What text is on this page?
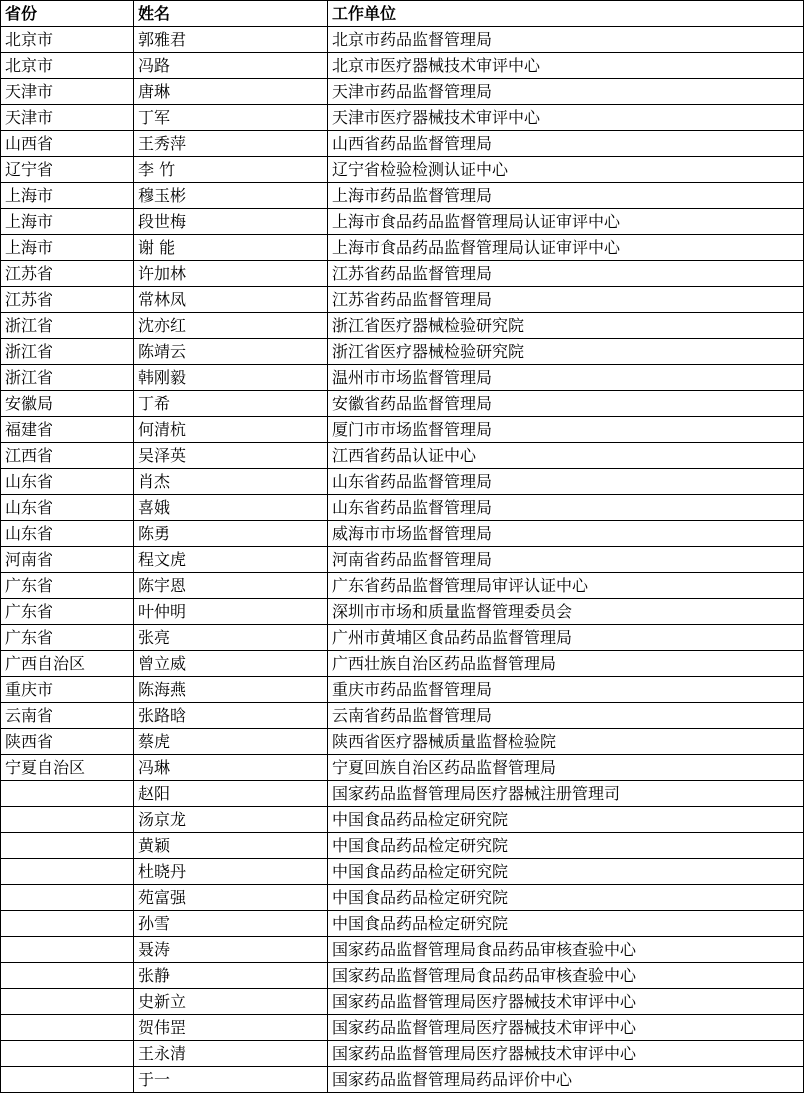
省份	姓名	工作单位
北京市	郭雅君	北京市药品监督管理局
北京市	冯路	北京市医疗器械技术审评中心
天津市	唐琳	天津市药品监督管理局
天津市	丁军	天津市医疗器械技术审评中心
山西省	王秀萍	山西省药品监督管理局
辽宁省	李 竹	辽宁省检验检测认证中心
上海市	穆玉彬	上海市药品监督管理局
上海市	段世梅	上海市食品药品监督管理局认证审评中心
上海市	谢 能	上海市食品药品监督管理局认证审评中心
江苏省	许加林	江苏省药品监督管理局
江苏省	常林凤	江苏省药品监督管理局
浙江省	沈亦红	浙江省医疗器械检验研究院
浙江省	陈靖云	浙江省医疗器械检验研究院
浙江省	韩刚毅	温州市市场监督管理局
安徽局	丁希	安徽省药品监督管理局
福建省	何清杭	厦门市市场监督管理局
江西省	吴泽英	江西省药品认证中心
山东省	肖杰	山东省药品监督管理局
山东省	喜娥	山东省药品监督管理局
山东省	陈勇	威海市市场监督管理局
河南省	程文虎	河南省药品监督管理局
广东省	陈宇恩	广东省药品监督管理局审评认证中心
广东省	叶仲明	深圳市市场和质量监督管理委员会
广东省	张亮	广州市黄埔区食品药品监督管理局
广西自治区	曾立威	广西壮族自治区药品监督管理局
重庆市	陈海燕	重庆市药品监督管理局
云南省	张路晗	云南省药品监督管理局
陕西省	蔡虎	陕西省医疗器械质量监督检验院
宁夏自治区	冯琳	宁夏回族自治区药品监督管理局
	赵阳	国家药品监督管理局医疗器械注册管理司
	汤京龙	中国食品药品检定研究院
	黄颖	中国食品药品检定研究院
	杜晓丹	中国食品药品检定研究院
	苑富强	中国食品药品检定研究院
	孙雪	中国食品药品检定研究院
	聂涛	国家药品监督管理局食品药品审核查验中心
	张静	国家药品监督管理局食品药品审核查验中心
	史新立	国家药品监督管理局医疗器械技术审评中心
	贺伟罡	国家药品监督管理局医疗器械技术审评中心
	王永清	国家药品监督管理局医疗器械技术审评中心
	于一	国家药品监督管理局药品评价中心
